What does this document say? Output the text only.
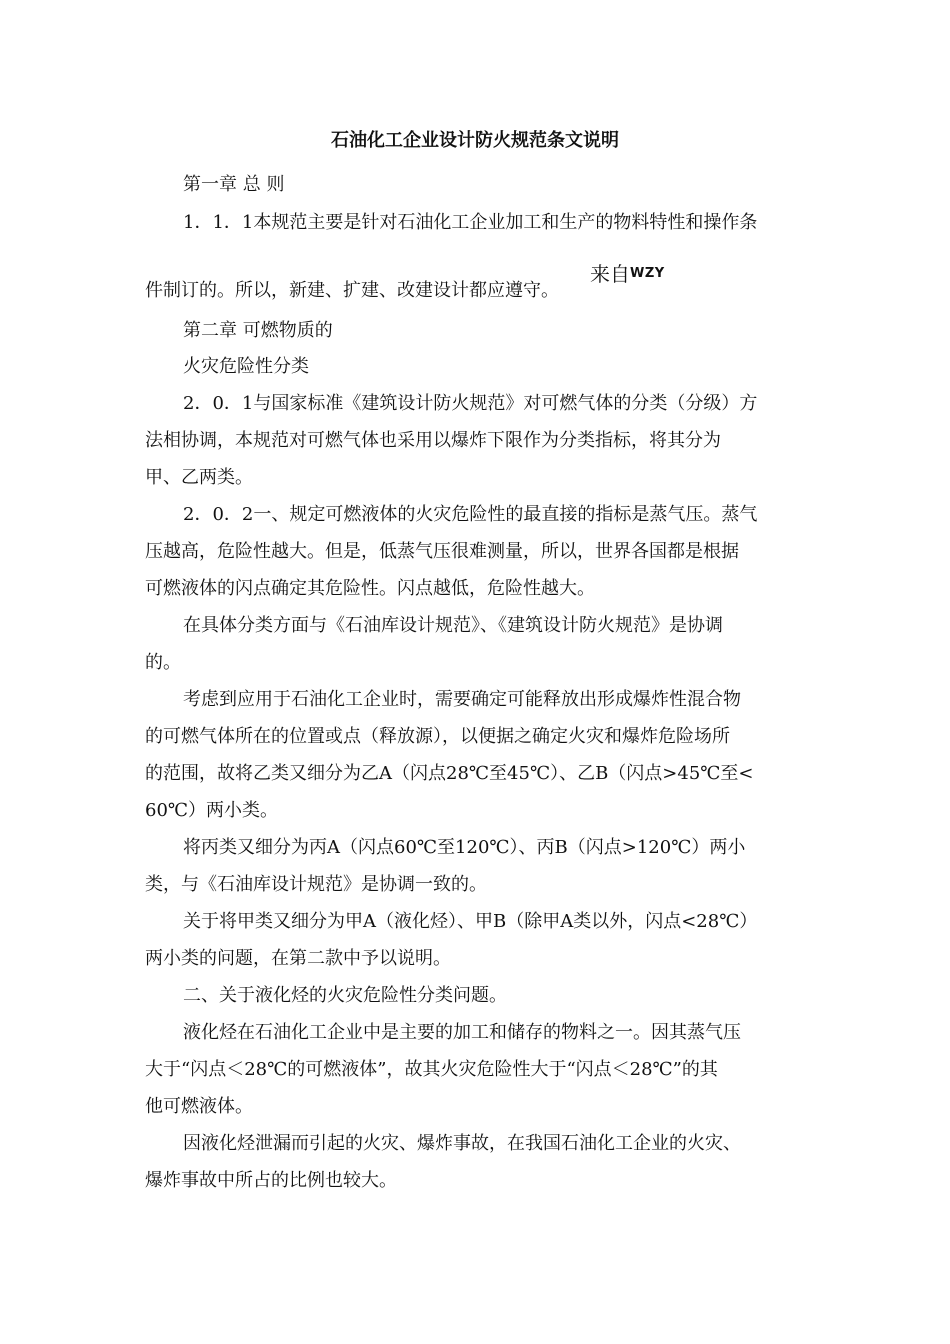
石油化工企业设计防火规范条文说明
第一章 总 则
1．1．1本规范主要是针对石油化工企业加工和生产的物料特性和操作条
件制订的。所以，新建、扩建、改建设计都应遵守。
来自$^{WZY}$
第二章 可燃物质的
火灾危险性分类
2．0．1与国家标准《建筑设计防火规范》对可燃气体的分类（分级）方
法相协调，本规范对可燃气体也采用以爆炸下限作为分类指标，将其分为
甲、乙两类。
2．0．2一、规定可燃液体的火灾危险性的最直接的指标是蒸气压。蒸气
压越高，危险性越大。但是，低蒸气压很难测量，所以，世界各国都是根据
可燃液体的闪点确定其危险性。闪点越低，危险性越大。
在具体分类方面与《石油库设计规范》、《建筑设计防火规范》是协调
的。
考虑到应用于石油化工企业时，需要确定可能释放出形成爆炸性混合物
的可燃气体所在的位置或点（释放源），以便据之确定火灾和爆炸危险场所
的范围，故将乙类又细分为乙A（闪点28℃至45℃）、乙B（闪点>45℃至<
60℃）两小类。
将丙类又细分为丙A（闪点60℃至120℃）、丙B（闪点>120℃）两小
类，与《石油库设计规范》是协调一致的。
关于将甲类又细分为甲A（液化烃）、甲B（除甲A类以外，闪点<28℃）
两小类的问题，在第二款中予以说明。
二、关于液化烃的火灾危险性分类问题。
液化烃在石油化工企业中是主要的加工和储存的物料之一。因其蒸气压
大于“闪点＜28℃的可燃液体”，故其火灾危险性大于“闪点＜28℃”的其
他可燃液体。
因液化烃泄漏而引起的火灾、爆炸事故，在我国石油化工企业的火灾、
爆炸事故中所占的比例也较大。
